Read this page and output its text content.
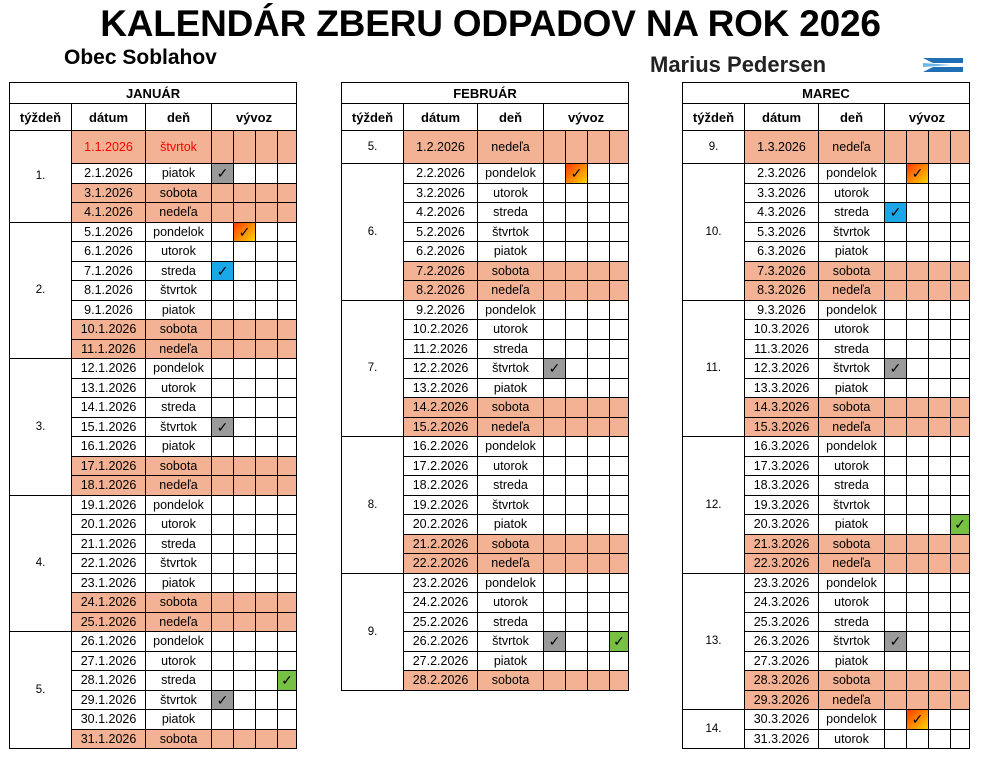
KALENDÁR ZBERU ODPADOV NA ROK 2026
Obec Soblahov	Marius Pedersen
JANUÁR						
týždeň	dátum	deň	vývoz			
1.	1.1.2026	štvrtok				
	2.1.2026	piatok	✓			

	3.1.2026	sobota				
	4.1.2026	nedeľa				
2.	5.1.2026	pondelok		✓		

	6.1.2026	utorok				
	7.1.2026	streda	✓			

	8.1.2026	štvrtok				
	9.1.2026	piatok				
	10.1.2026	sobota				
	11.1.2026	nedeľa				
3.	12.1.2026	pondelok				
	13.1.2026	utorok				
	14.1.2026	streda				
	15.1.2026	štvrtok	✓			

	16.1.2026	piatok				
	17.1.2026	sobota				
	18.1.2026	nedeľa				
4.	19.1.2026	pondelok				
	20.1.2026	utorok				
	21.1.2026	streda				
	22.1.2026	štvrtok				
	23.1.2026	piatok				
	24.1.2026	sobota				
	25.1.2026	nedeľa				
5.	26.1.2026	pondelok				
	27.1.2026	utorok				
	28.1.2026	streda				✓

	29.1.2026	štvrtok	✓			

	30.1.2026	piatok				
	31.1.2026	sobota				
FEBRUÁR						
týždeň	dátum	deň	vývoz			
5.	1.2.2026	nedeľa				
6.	2.2.2026	pondelok		✓		

	3.2.2026	utorok				
	4.2.2026	streda				
	5.2.2026	štvrtok				
	6.2.2026	piatok				
	7.2.2026	sobota				
	8.2.2026	nedeľa				
7.	9.2.2026	pondelok				
	10.2.2026	utorok				
	11.2.2026	streda				
	12.2.2026	štvrtok	✓			

	13.2.2026	piatok				
	14.2.2026	sobota				
	15.2.2026	nedeľa				
8.	16.2.2026	pondelok				
	17.2.2026	utorok				
	18.2.2026	streda				
	19.2.2026	štvrtok				
	20.2.2026	piatok				
	21.2.2026	sobota				
	22.2.2026	nedeľa				
9.	23.2.2026	pondelok				
	24.2.2026	utorok				
	25.2.2026	streda				
	26.2.2026	štvrtok	✓			✓

	27.2.2026	piatok				
	28.2.2026	sobota				
MAREC						
týždeň	dátum	deň	vývoz			
9.	1.3.2026	nedeľa				
10.	2.3.2026	pondelok		✓		

	3.3.2026	utorok				
	4.3.2026	streda	✓			

	5.3.2026	štvrtok				
	6.3.2026	piatok				
	7.3.2026	sobota				
	8.3.2026	nedeľa				
11.	9.3.2026	pondelok				
	10.3.2026	utorok				
	11.3.2026	streda				
	12.3.2026	štvrtok	✓			

	13.3.2026	piatok				
	14.3.2026	sobota				
	15.3.2026	nedeľa				
12.	16.3.2026	pondelok				
	17.3.2026	utorok				
	18.3.2026	streda				
	19.3.2026	štvrtok				
	20.3.2026	piatok				✓

	21.3.2026	sobota				
	22.3.2026	nedeľa				
13.	23.3.2026	pondelok				
	24.3.2026	utorok				
	25.3.2026	streda				
	26.3.2026	štvrtok	✓			

	27.3.2026	piatok				
	28.3.2026	sobota				
	29.3.2026	nedeľa				
14.	30.3.2026	pondelok		✓		

	31.3.2026	utorok				
